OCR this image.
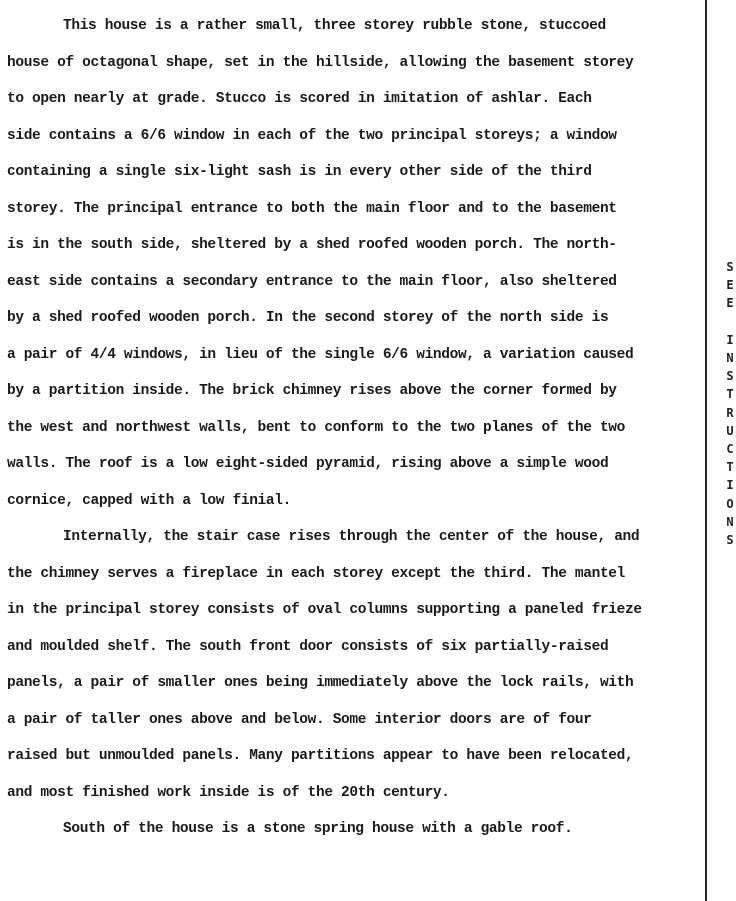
This house is a rather small, three storey rubble stone, stuccoed
house of octagonal shape, set in the hillside, allowing the basement storey
to open nearly at grade. Stucco is scored in imitation of ashlar. Each
side contains a 6/6 window in each of the two principal storeys; a window
containing a single six-light sash is in every other side of the third
storey. The principal entrance to both the main floor and to the basement
is in the south side, sheltered by a shed roofed wooden porch. The north-
east side contains a secondary entrance to the main floor, also sheltered
by a shed roofed wooden porch. In the second storey of the north side is
a pair of 4/4 windows, in lieu of the single 6/6 window, a variation caused
by a partition inside. The brick chimney rises above the corner formed by
the west and northwest walls, bent to conform to the two planes of the two
walls. The roof is a low eight-sided pyramid, rising above a simple wood
cornice, capped with a low finial.
Internally, the stair case rises through the center of the house, and
the chimney serves a fireplace in each storey except the third. The mantel
in the principal storey consists of oval columns supporting a paneled frieze
and moulded shelf. The south front door consists of six partially-raised
panels, a pair of smaller ones being immediately above the lock rails, with
a pair of taller ones above and below. Some interior doors are of four
raised but unmoulded panels. Many partitions appear to have been relocated,
and most finished work inside is of the 20th century.
South of the house is a stone spring house with a gable roof.
S
E
E

I
N
S
T
R
U
C
T
I
O
N
S
